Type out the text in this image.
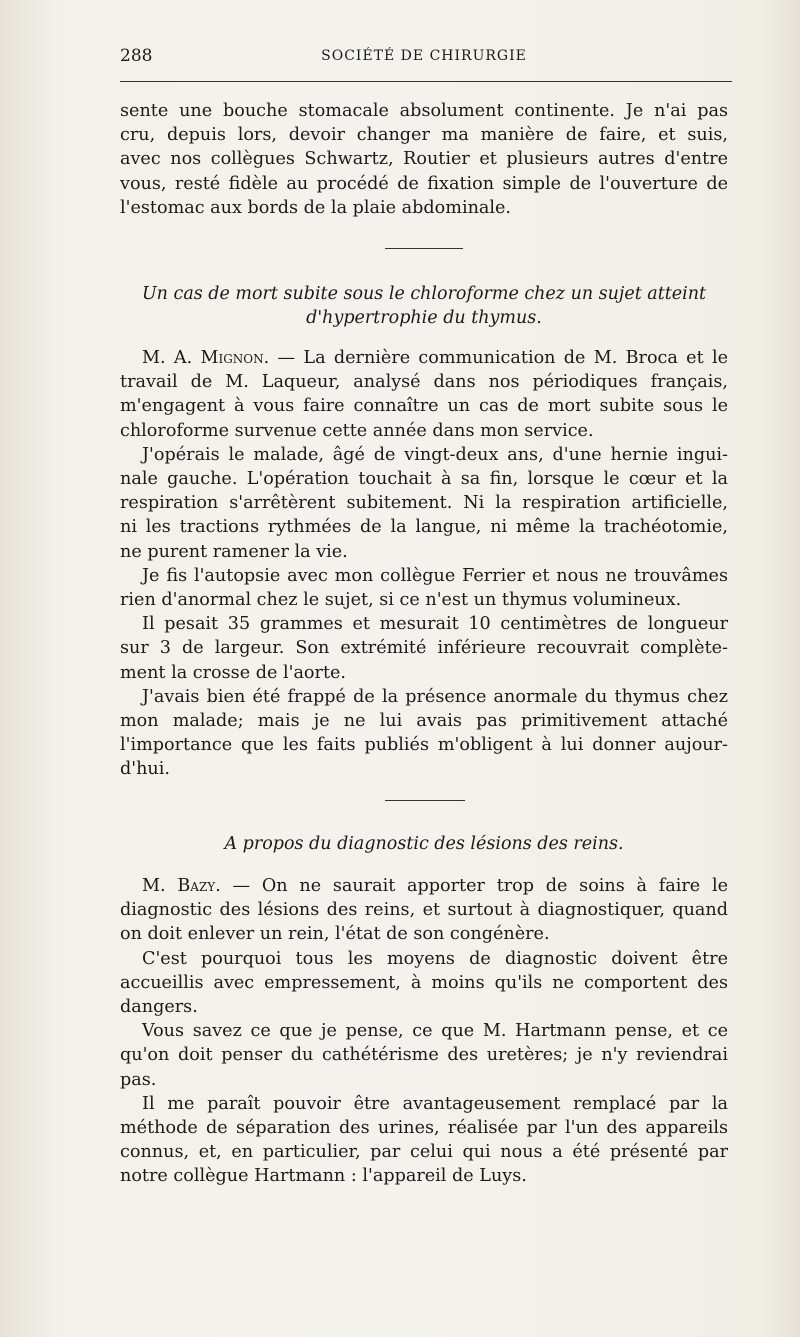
288	SOCIÉTÉ DE CHIRURGIE
sente une bouche stomacale absolument continente. Je n'ai pas
cru, depuis lors, devoir changer ma manière de faire, et suis,
avec nos collègues Schwartz, Routier et plusieurs autres d'entre
vous, resté fidèle au procédé de fixation simple de l'ouverture de
l'estomac aux bords de la plaie abdominale.
Un cas de mort subite sous le chloroforme chez un sujet atteint
d'hypertrophie du thymus.
M. A. Mignon. — La dernière communication de M. Broca et le
travail de M. Laqueur, analysé dans nos périodiques français,
m'engagent à vous faire connaître un cas de mort subite sous le
chloroforme survenue cette année dans mon service.
J'opérais le malade, âgé de vingt-deux ans, d'une hernie ingui-
nale gauche. L'opération touchait à sa fin, lorsque le cœur et la
respiration s'arrêtèrent subitement. Ni la respiration artificielle,
ni les tractions rythmées de la langue, ni même la trachéotomie,
ne purent ramener la vie.
Je fis l'autopsie avec mon collègue Ferrier et nous ne trouvâmes
rien d'anormal chez le sujet, si ce n'est un thymus volumineux.
Il pesait 35 grammes et mesurait 10 centimètres de longueur
sur 3 de largeur. Son extrémité inférieure recouvrait complète-
ment la crosse de l'aorte.
J'avais bien été frappé de la présence anormale du thymus chez
mon malade; mais je ne lui avais pas primitivement attaché
l'importance que les faits publiés m'obligent à lui donner aujour-
d'hui.
A propos du diagnostic des lésions des reins.
M. Bazy. — On ne saurait apporter trop de soins à faire le
diagnostic des lésions des reins, et surtout à diagnostiquer, quand
on doit enlever un rein, l'état de son congénère.
C'est pourquoi tous les moyens de diagnostic doivent être
accueillis avec empressement, à moins qu'ils ne comportent des
dangers.
Vous savez ce que je pense, ce que M. Hartmann pense, et ce
qu'on doit penser du cathétérisme des uretères; je n'y reviendrai
pas.
Il me paraît pouvoir être avantageusement remplacé par la
méthode de séparation des urines, réalisée par l'un des appareils
connus, et, en particulier, par celui qui nous a été présenté par
notre collègue Hartmann : l'appareil de Luys.
